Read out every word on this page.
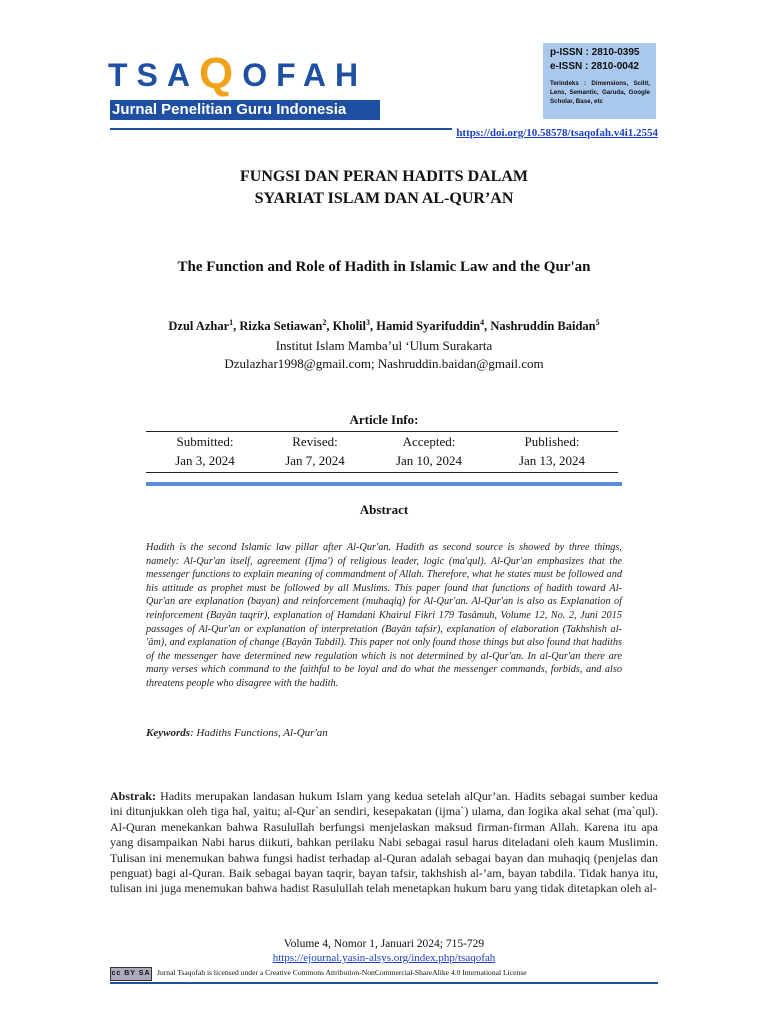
TSAQOFAH
Jurnal Penelitian Guru Indonesia
p-ISSN : 2810-0395
e-ISSN : 2810-0042
Terindeks : Dimensions, Scilit, Lens, Semantic, Garuda, Google Scholar, Base, etc
https://doi.org/10.58578/tsaqofah.v4i1.2554
FUNGSI DAN PERAN HADITS DALAM
SYARIAT ISLAM DAN AL-QUR’AN
The Function and Role of Hadith in Islamic Law and the Qur'an
Dzul Azhar$^1$, Rizka Setiawan$^2$, Kholil$^3$, Hamid Syarifuddin$^4$, Nashruddin Baidan$^5$
Institut Islam Mamba’ul ‘Ulum Surakarta
Dzulazhar1998@gmail.com; Nashruddin.baidan@gmail.com
Article Info:
Submitted:
Jan 3, 2024
Revised:
Jan 7, 2024
Accepted:
Jan 10, 2024
Published:
Jan 13, 2024
Abstract
Hadith is the second Islamic law pillar after Al-Qur'an. Hadith as second source is showed by three things, namely: Al-Qur'an itself, agreement (Ijma') of religious leader, logic (ma'qul). Al-Qur'an emphasizes that the messenger functions to explain meaning of commandment of Allah. Therefore, what he states must be followed and his attitude as prophet must be followed by all Muslims. This paper found that functions of hadith toward Al-Qur'an are explanation (bayan) and reinforcement (muhaqiq) for Al-Qur'an. Al-Qur'an is also as Explanation of reinforcement (Bayân taqrir), explanation of Hamdani Khairul Fikri 179 Tasâmuh, Volume 12, No. 2, Juni 2015 passages of Al-Qur'an or explanation of interpretation (Bayân tafsir), explanation of elaboration (Takhshish al-'âm), and explanation of change (Bayân Tabdil). This paper not only found those things but also found that hadiths of the messenger have determined new regulation which is not determined by al-Qur'an. In al-Qur'an there are many verses which command to the faithful to be loyal and do what the messenger commands, forbids, and also threatens people who disagree with the hadith.
Keywords: Hadiths Functions, Al-Qur'an
Abstrak: Hadits merupakan landasan hukum Islam yang kedua setelah alQur’an. Hadits sebagai sumber kedua ini ditunjukkan oleh tiga hal, yaitu; al-Qur`an sendiri, kesepakatan (ijma`) ulama, dan logika akal sehat (ma`qul). Al-Quran menekankan bahwa Rasulullah berfungsi menjelaskan maksud firman-firman Allah. Karena itu apa yang disampaikan Nabi harus diikuti, bahkan perilaku Nabi sebagai rasul harus diteladani oleh kaum Muslimin. Tulisan ini menemukan bahwa fungsi hadist terhadap al-Quran adalah sebagai bayan dan muhaqiq (penjelas dan penguat) bagi al-Quran. Baik sebagai bayan taqrir, bayan tafsir, takhshish al-’am, bayan tabdila. Tidak hanya itu, tulisan ini juga menemukan bahwa hadist Rasulullah telah menetapkan hukum baru yang tidak ditetapkan oleh al-
Volume 4, Nomor 1, Januari 2024; 715-729
https://ejournal.yasin-alsys.org/index.php/tsaqofah
cc BY SA Jurnal Tsaqofah is licensed under a Creative Commons Attribution-NonCommercial-ShareAlike 4.0 International License
